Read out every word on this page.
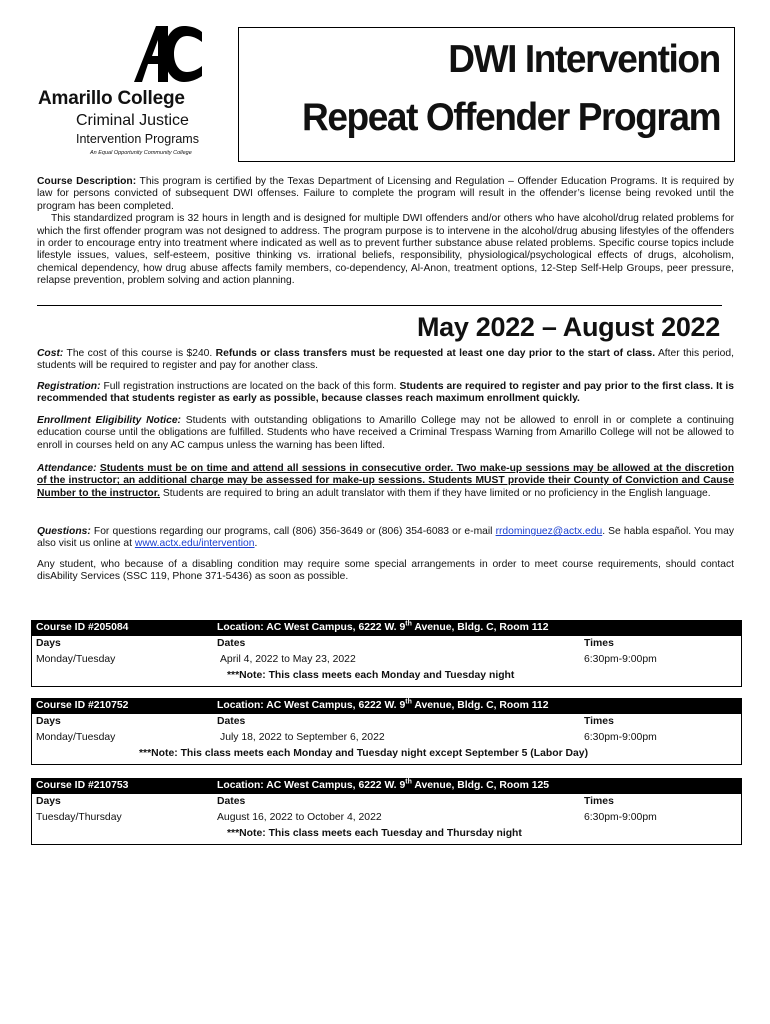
Amarillo College
Criminal Justice
Intervention Programs
An Equal Opportunity Community College
DWI Intervention
Repeat Offender Program
Course Description: This program is certified by the Texas Department of Licensing and Regulation – Offender Education Programs. It is required by law for persons convicted of subsequent DWI offenses. Failure to complete the program will result in the offender’s license being revoked until the program has been completed.
This standardized program is 32 hours in length and is designed for multiple DWI offenders and/or others who have alcohol/drug related problems for which the first offender program was not designed to address. The program purpose is to intervene in the alcohol/drug abusing lifestyles of the offenders in order to encourage entry into treatment where indicated as well as to prevent further substance abuse related problems. Specific course topics include lifestyle issues, values, self-esteem, positive thinking vs. irrational beliefs, responsibility, physiological/psychological effects of drugs, alcoholism, chemical dependency, how drug abuse affects family members, co-dependency, Al-Anon, treatment options, 12-Step Self-Help Groups, peer pressure, relapse prevention, problem solving and action planning.
May 2022 – August 2022
Cost: The cost of this course is $240. Refunds or class transfers must be requested at least one day prior to the start of class. After this period, students will be required to register and pay for another class.
Registration: Full registration instructions are located on the back of this form. Students are required to register and pay prior to the first class. It is recommended that students register as early as possible, because classes reach maximum enrollment quickly.
Enrollment Eligibility Notice: Students with outstanding obligations to Amarillo College may not be allowed to enroll in or complete a continuing education course until the obligations are fulfilled. Students who have received a Criminal Trespass Warning from Amarillo College will not be allowed to enroll in courses held on any AC campus unless the warning has been lifted.
Attendance: Students must be on time and attend all sessions in consecutive order. Two make-up sessions may be allowed at the discretion of the instructor; an additional charge may be assessed for make-up sessions. Students MUST provide their County of Conviction and Cause Number to the instructor. Students are required to bring an adult translator with them if they have limited or no proficiency in the English language.
Questions: For questions regarding our programs, call (806) 356-3649 or (806) 354-6083 or e-mail rrdominguez@actx.edu. Se habla español. You may also visit us online at www.actx.edu/intervention.
Any student, who because of a disabling condition may require some special arrangements in order to meet course requirements, should contact disAbility Services (SSC 119, Phone 371-5436) as soon as possible.
Course ID #205084	Location: AC West Campus, 6222 W. 9th Avenue, Bldg. C, Room 112
Days	Dates	Times
Monday/Tuesday	April 4, 2022 to May 23, 2022	6:30pm-9:00pm
***Note: This class meets each Monday and Tuesday night
Course ID #210752	Location: AC West Campus, 6222 W. 9th Avenue, Bldg. C, Room 112
Days	Dates	Times
Monday/Tuesday	July 18, 2022 to September 6, 2022	6:30pm-9:00pm
***Note: This class meets each Monday and Tuesday night except September 5 (Labor Day)
Course ID #210753	Location: AC West Campus, 6222 W. 9th Avenue, Bldg. C, Room 125
Days	Dates	Times
Tuesday/Thursday	August 16, 2022 to October 4, 2022	6:30pm-9:00pm
***Note: This class meets each Tuesday and Thursday night
